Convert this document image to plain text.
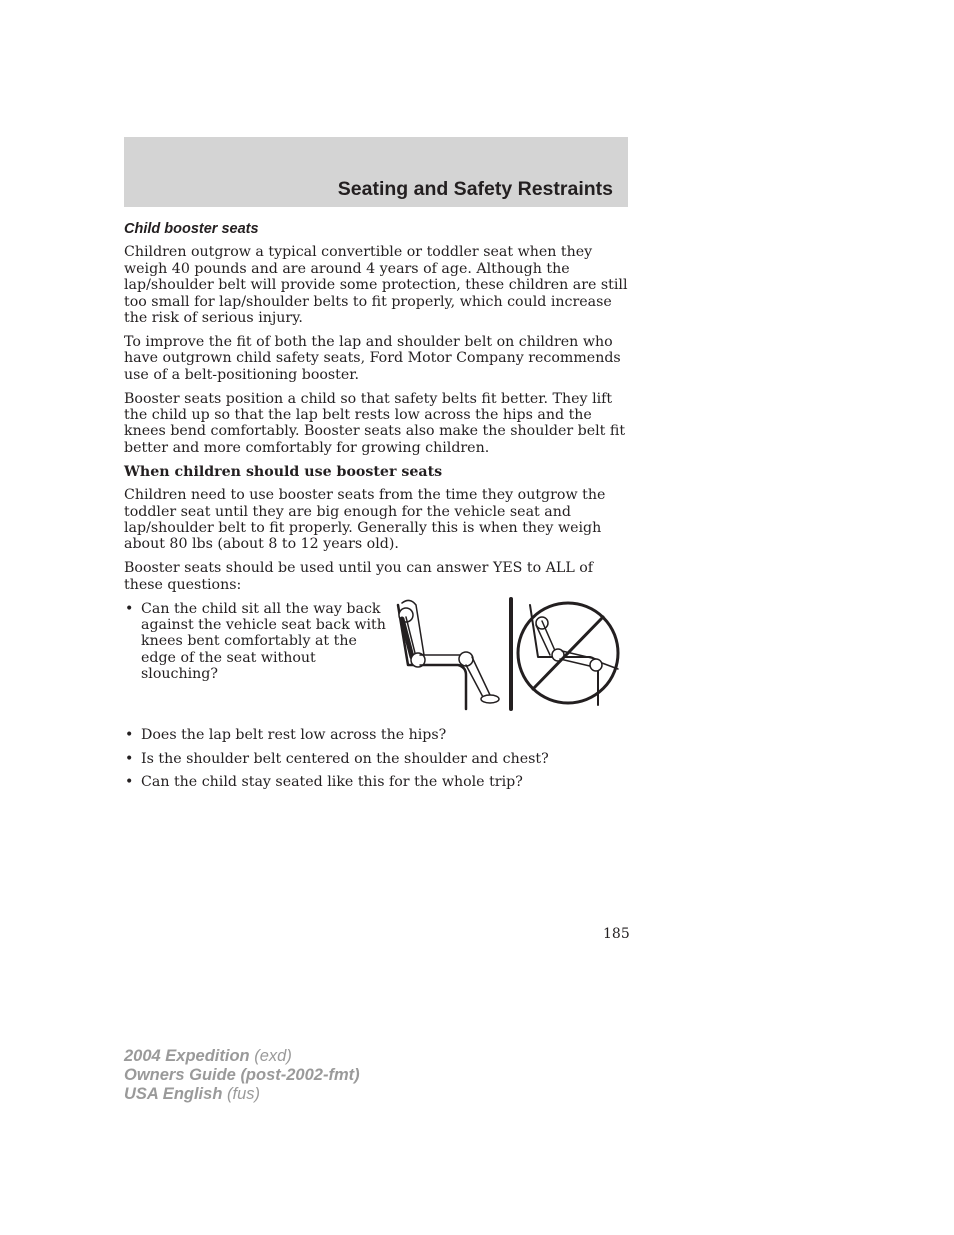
Seating and Safety Restraints
Child booster seats

Children outgrow a typical convertible or toddler seat when they weigh 40 pounds and are around 4 years of age. Although the lap/shoulder belt will provide some protection, these children are still too small for lap/shoulder belts to fit properly, which could increase the risk of serious injury.

To improve the fit of both the lap and shoulder belt on children who have outgrown child safety seats, Ford Motor Company recommends use of a belt-positioning booster.

Booster seats position a child so that safety belts fit better. They lift the child up so that the lap belt rests low across the hips and the knees bend comfortably. Booster seats also make the shoulder belt fit better and more comfortably for growing children.

When children should use booster seats

Children need to use booster seats from the time they outgrow the toddler seat until they are big enough for the vehicle seat and lap/shoulder belt to fit properly. Generally this is when they weigh about 80 lbs (about 8 to 12 years old).

Booster seats should be used until you can answer YES to ALL of these questions:

• Can the child sit all the way back against the vehicle seat back with knees bent comfortably at the edge of the seat without slouching?
• Does the lap belt rest low across the hips?
• Is the shoulder belt centered on the shoulder and chest?
• Can the child stay seated like this for the whole trip?
185
2004 Expedition (exd)
Owners Guide (post-2002-fmt)
USA English (fus)
